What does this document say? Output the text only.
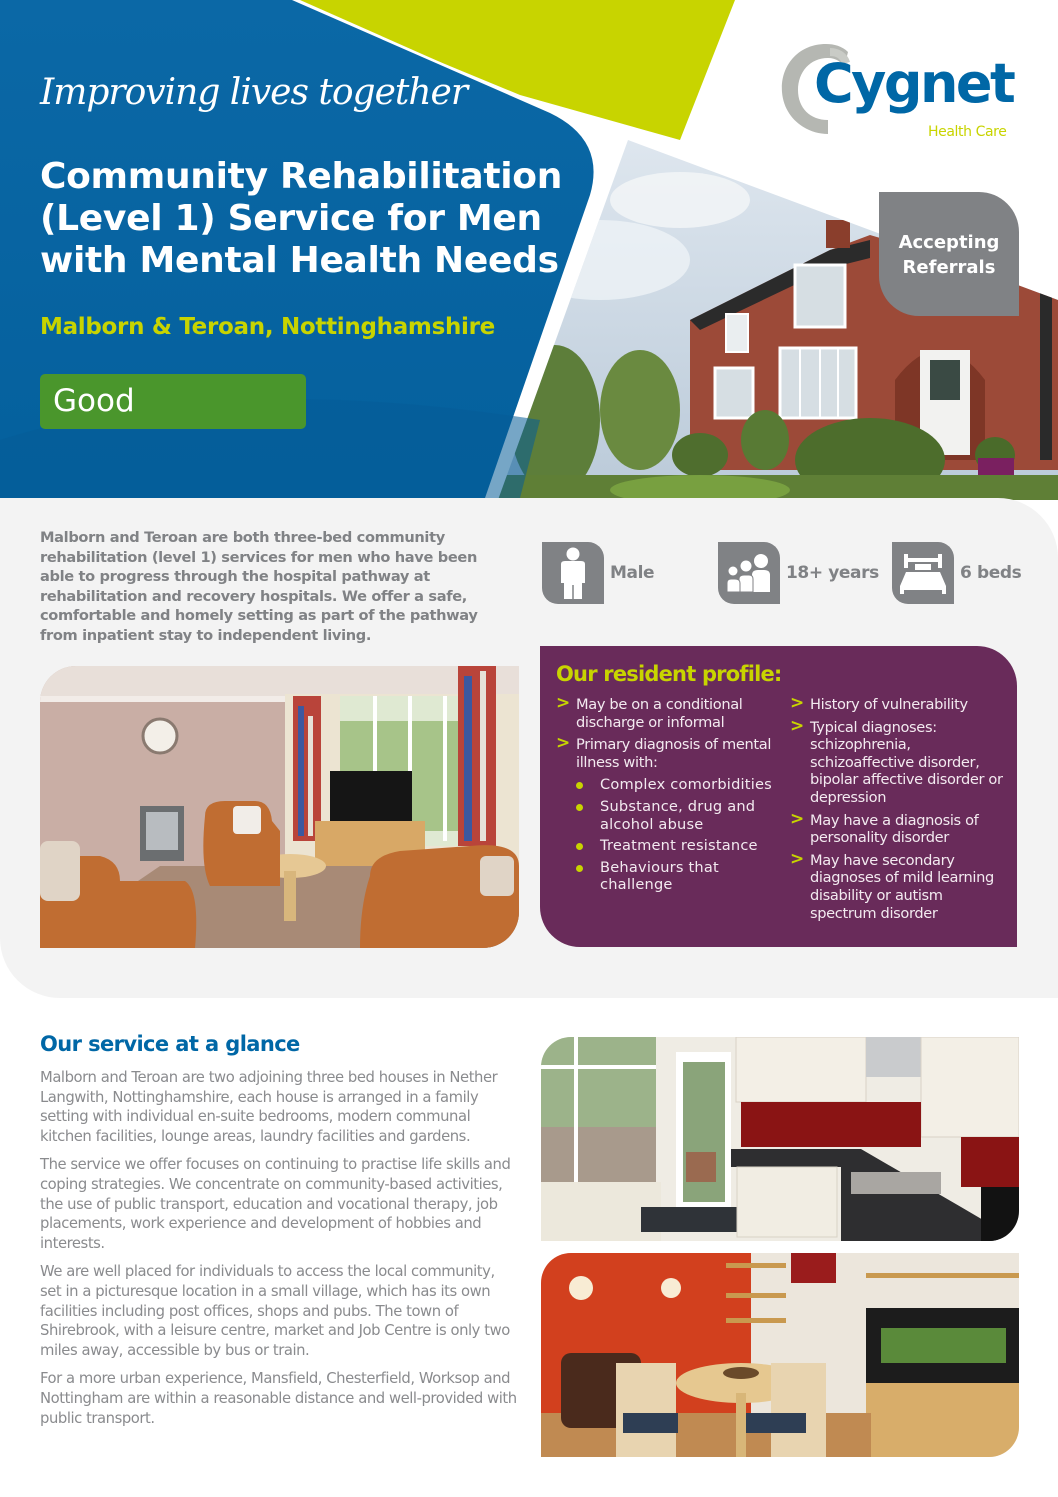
Improving lives together
Community Rehabilitation (Level 1) Service for Men with Mental Health Needs
Malborn & Teroan, Nottinghamshire
Good
Cygnet
Health Care
Accepting Referrals

Malborn and Teroan are both three-bed community rehabilitation (level 1) services for men who have been able to progress through the hospital pathway at rehabilitation and recovery hospitals. We offer a safe, comfortable and homely setting as part of the pathway from inpatient stay to independent living.

Male	18+ years	6 beds
Our resident profile:
> May be on a conditional discharge or informal
> Primary diagnosis of mental illness with:
Complex comorbidities
Substance, drug and alcohol abuse
Treatment resistance
Behaviours that challenge
> History of vulnerability
> Typical diagnoses: schizophrenia, schizoaffective disorder, bipolar affective disorder or depression
> May have a diagnosis of personality disorder
> May have secondary diagnoses of mild learning disability or autism spectrum disorder
Our service at a glance

Malborn and Teroan are two adjoining three bed houses in Nether Langwith, Nottinghamshire, each house is arranged in a family setting with individual en-suite bedrooms, modern communal kitchen facilities, lounge areas, laundry facilities and gardens.

The service we offer focuses on continuing to practise life skills and coping strategies. We concentrate on community-based activities, the use of public transport, education and vocational therapy, job placements, work experience and development of hobbies and interests.

We are well placed for individuals to access the local community, set in a picturesque location in a small village, which has its own facilities including post offices, shops and pubs. The town of Shirebrook, with a leisure centre, market and Job Centre is only two miles away, accessible by bus or train.

For a more urban experience, Mansfield, Chesterfield, Worksop and Nottingham are within a reasonable distance and well-provided with public transport.
